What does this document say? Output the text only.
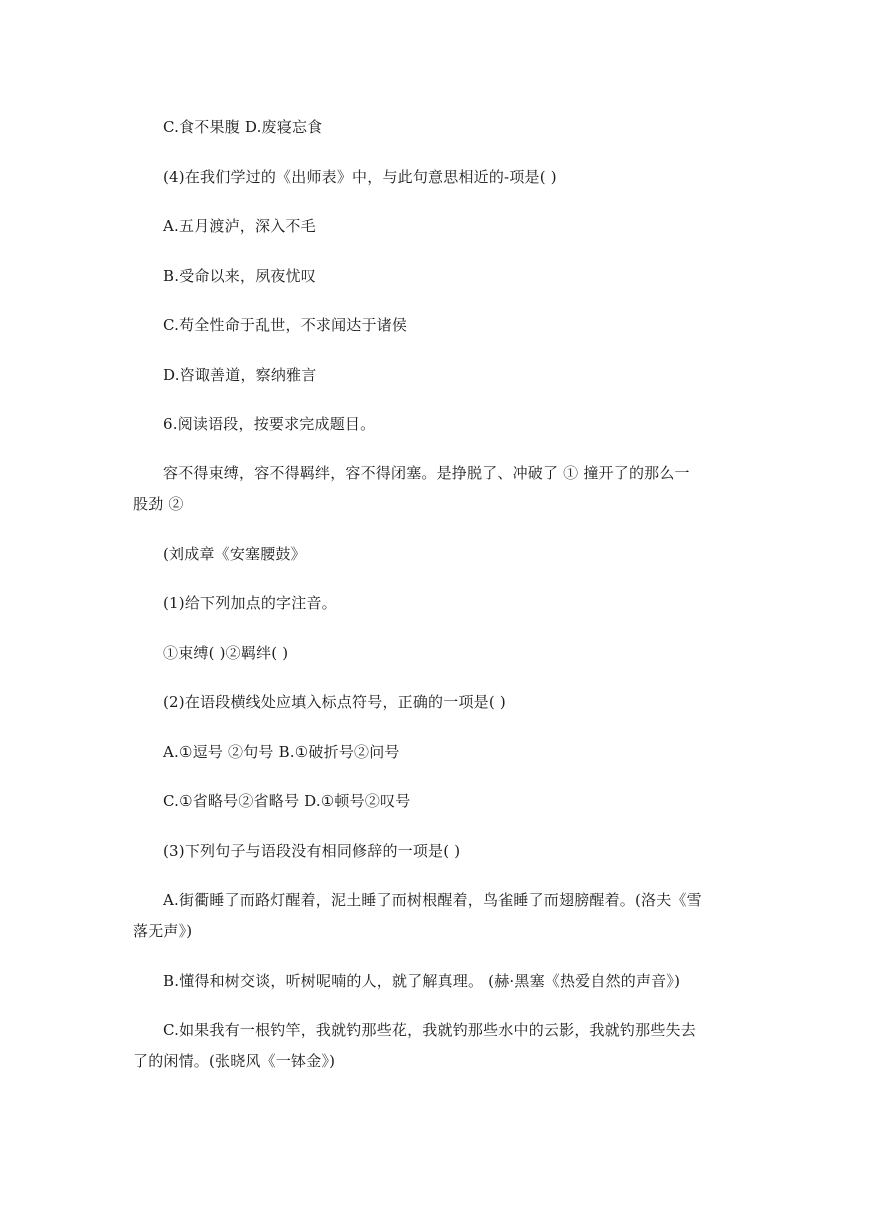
C.食不果腹 D.废寝忘食
(4)在我们学过的《出师表》中，与此句意思相近的-项是( )
A.五月渡泸，深入不毛
B.受命以来，夙夜忧叹
C.苟全性命于乱世，不求闻达于诸侯
D.咨诹善道，察纳雅言
6.阅读语段，按要求完成题目。
容不得束缚，容不得羁绊，容不得闭塞。是挣脱了、冲破了 ① 撞开了的那么一
股劲 ②
(刘成章《安塞腰鼓》
(1)给下列加点的字注音。
①束缚( )②羁绊( )
(2)在语段横线处应填入标点符号，正确的一项是( )
A.①逗号 ②句号 B.①破折号②问号
C.①省略号②省略号 D.①顿号②叹号
(3)下列句子与语段没有相同修辞的一项是( )
A.街衢睡了而路灯醒着，泥土睡了而树根醒着，鸟雀睡了而翅膀醒着。(洛夫《雪
落无声》)
B.懂得和树交谈，听树呢喃的人，就了解真理。 (赫·黑塞《热爱自然的声音》)
C.如果我有一根钓竿，我就钓那些花，我就钓那些水中的云影，我就钓那些失去
了的闲情。(张晓风《一钵金》)
